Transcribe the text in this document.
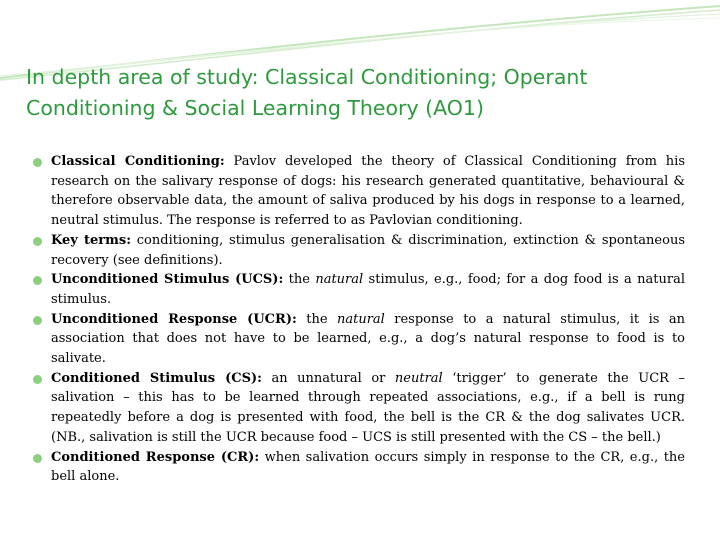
In depth area of study: Classical Conditioning; Operant Conditioning & Social Learning Theory (AO1)
Classical Conditioning: Pavlov developed the theory of Classical Conditioning from his research on the salivary response of dogs: his research generated quantitative, behavioural & therefore observable data, the amount of saliva produced by his dogs in response to a learned, neutral stimulus. The response is referred to as Pavlovian conditioning.
Key terms: conditioning, stimulus generalisation & discrimination, extinction & spontaneous recovery (see definitions).
Unconditioned Stimulus (UCS): the natural stimulus, e.g., food; for a dog food is a natural stimulus.
Unconditioned Response (UCR): the natural response to a natural stimulus, it is an association that does not have to be learned, e.g., a dog’s natural response to food is to salivate.
Conditioned Stimulus (CS): an unnatural or neutral ‘trigger’ to generate the UCR – salivation – this has to be learned through repeated associations, e.g., if a bell is rung repeatedly before a dog is presented with food, the bell is the CR & the dog salivates UCR. (NB., salivation is still the UCR because food – UCS is still presented with the CS – the bell.)
Conditioned Response (CR): when salivation occurs simply in response to the CR, e.g., the bell alone.
